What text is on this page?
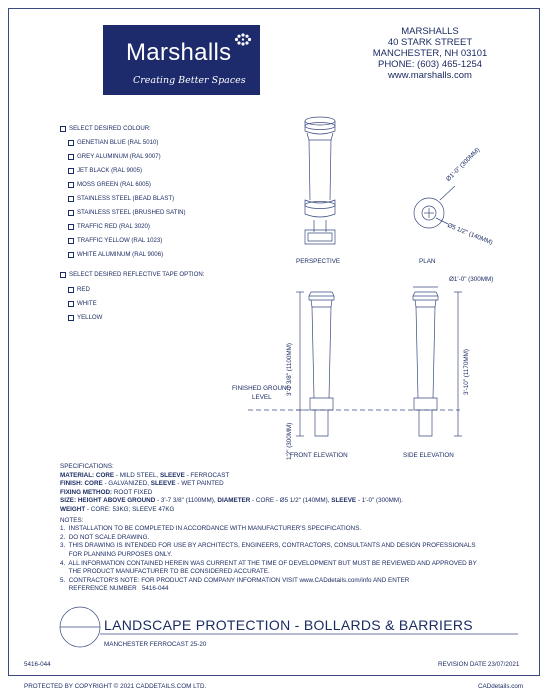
Marshalls
Creating Better Spaces
MARSHALLS
40 STARK STREET
MANCHESTER, NH 03101
PHONE: (603) 465-1254
www.marshalls.com
SELECT DESIRED COLOUR:
GENETIAN BLUE (RAL 5010)
GREY ALUMINUM (RAL 9007)
JET BLACK (RAL 9005)
MOSS GREEN (RAL 6005)
STAINLESS STEEL (BEAD BLAST)
STAINLESS STEEL (BRUSHED SATIN)
TRAFFIC RED (RAL 3020)
TRAFFIC YELLOW (RAL 1023)
WHITE ALUMINUM (RAL 9006)
SELECT DESIRED REFLECTIVE TAPE OPTION:
RED
WHITE
YELLOW
PERSPECTIVE	PLAN
FRONT ELEVATION	SIDE ELEVATION
FINISHED GROUND
LEVEL
Ø1'-0" (300MM)
Ø5 1/2" (140MM)
Ø1'-0" (300MM)
3'-7 3/8" (1100MM)
1'2" (300MM)
3'-10" (1170MM)
SPECIFICATIONS:
MATERIAL: CORE - MILD STEEL, SLEEVE - FERROCAST
FINISH: CORE - GALVANIZED, SLEEVE - WET PAINTED
FIXING METHOD: ROOT FIXED
SIZE: HEIGHT ABOVE GROUND - 3'-7 3/8" (1100MM), DIAMETER - CORE - Ø5 1/2" (140MM), SLEEVE - 1'-0" (300MM).
WEIGHT - CORE: 53KG; SLEEVE 47KG
NOTES:
1.  INSTALLATION TO BE COMPLETED IN ACCORDANCE WITH MANUFACTURER'S SPECIFICATIONS.
2.  DO NOT SCALE DRAWING.
3.  THIS DRAWING IS INTENDED FOR USE BY ARCHITECTS, ENGINEERS, CONTRACTORS, CONSULTANTS AND DESIGN PROFESSIONALS
FOR PLANNING PURPOSES ONLY.
4.  ALL INFORMATION CONTAINED HEREIN WAS CURRENT AT THE TIME OF DEVELOPMENT BUT MUST BE REVIEWED AND APPROVED BY
THE PRODUCT MANUFACTURER TO BE CONSIDERED ACCURATE.
5.  CONTRACTOR'S NOTE: FOR PRODUCT AND COMPANY INFORMATION VISIT www.CADdetails.com/info AND ENTER
REFERENCE NUMBER   5416-044
LANDSCAPE PROTECTION - BOLLARDS & BARRIERS
MANCHESTER FERROCAST 25-20
5416-044	REVISION DATE 23/07/2021
PROTECTED BY COPYRIGHT © 2021 CADDETAILS.COM LTD.	CADdetails.com
